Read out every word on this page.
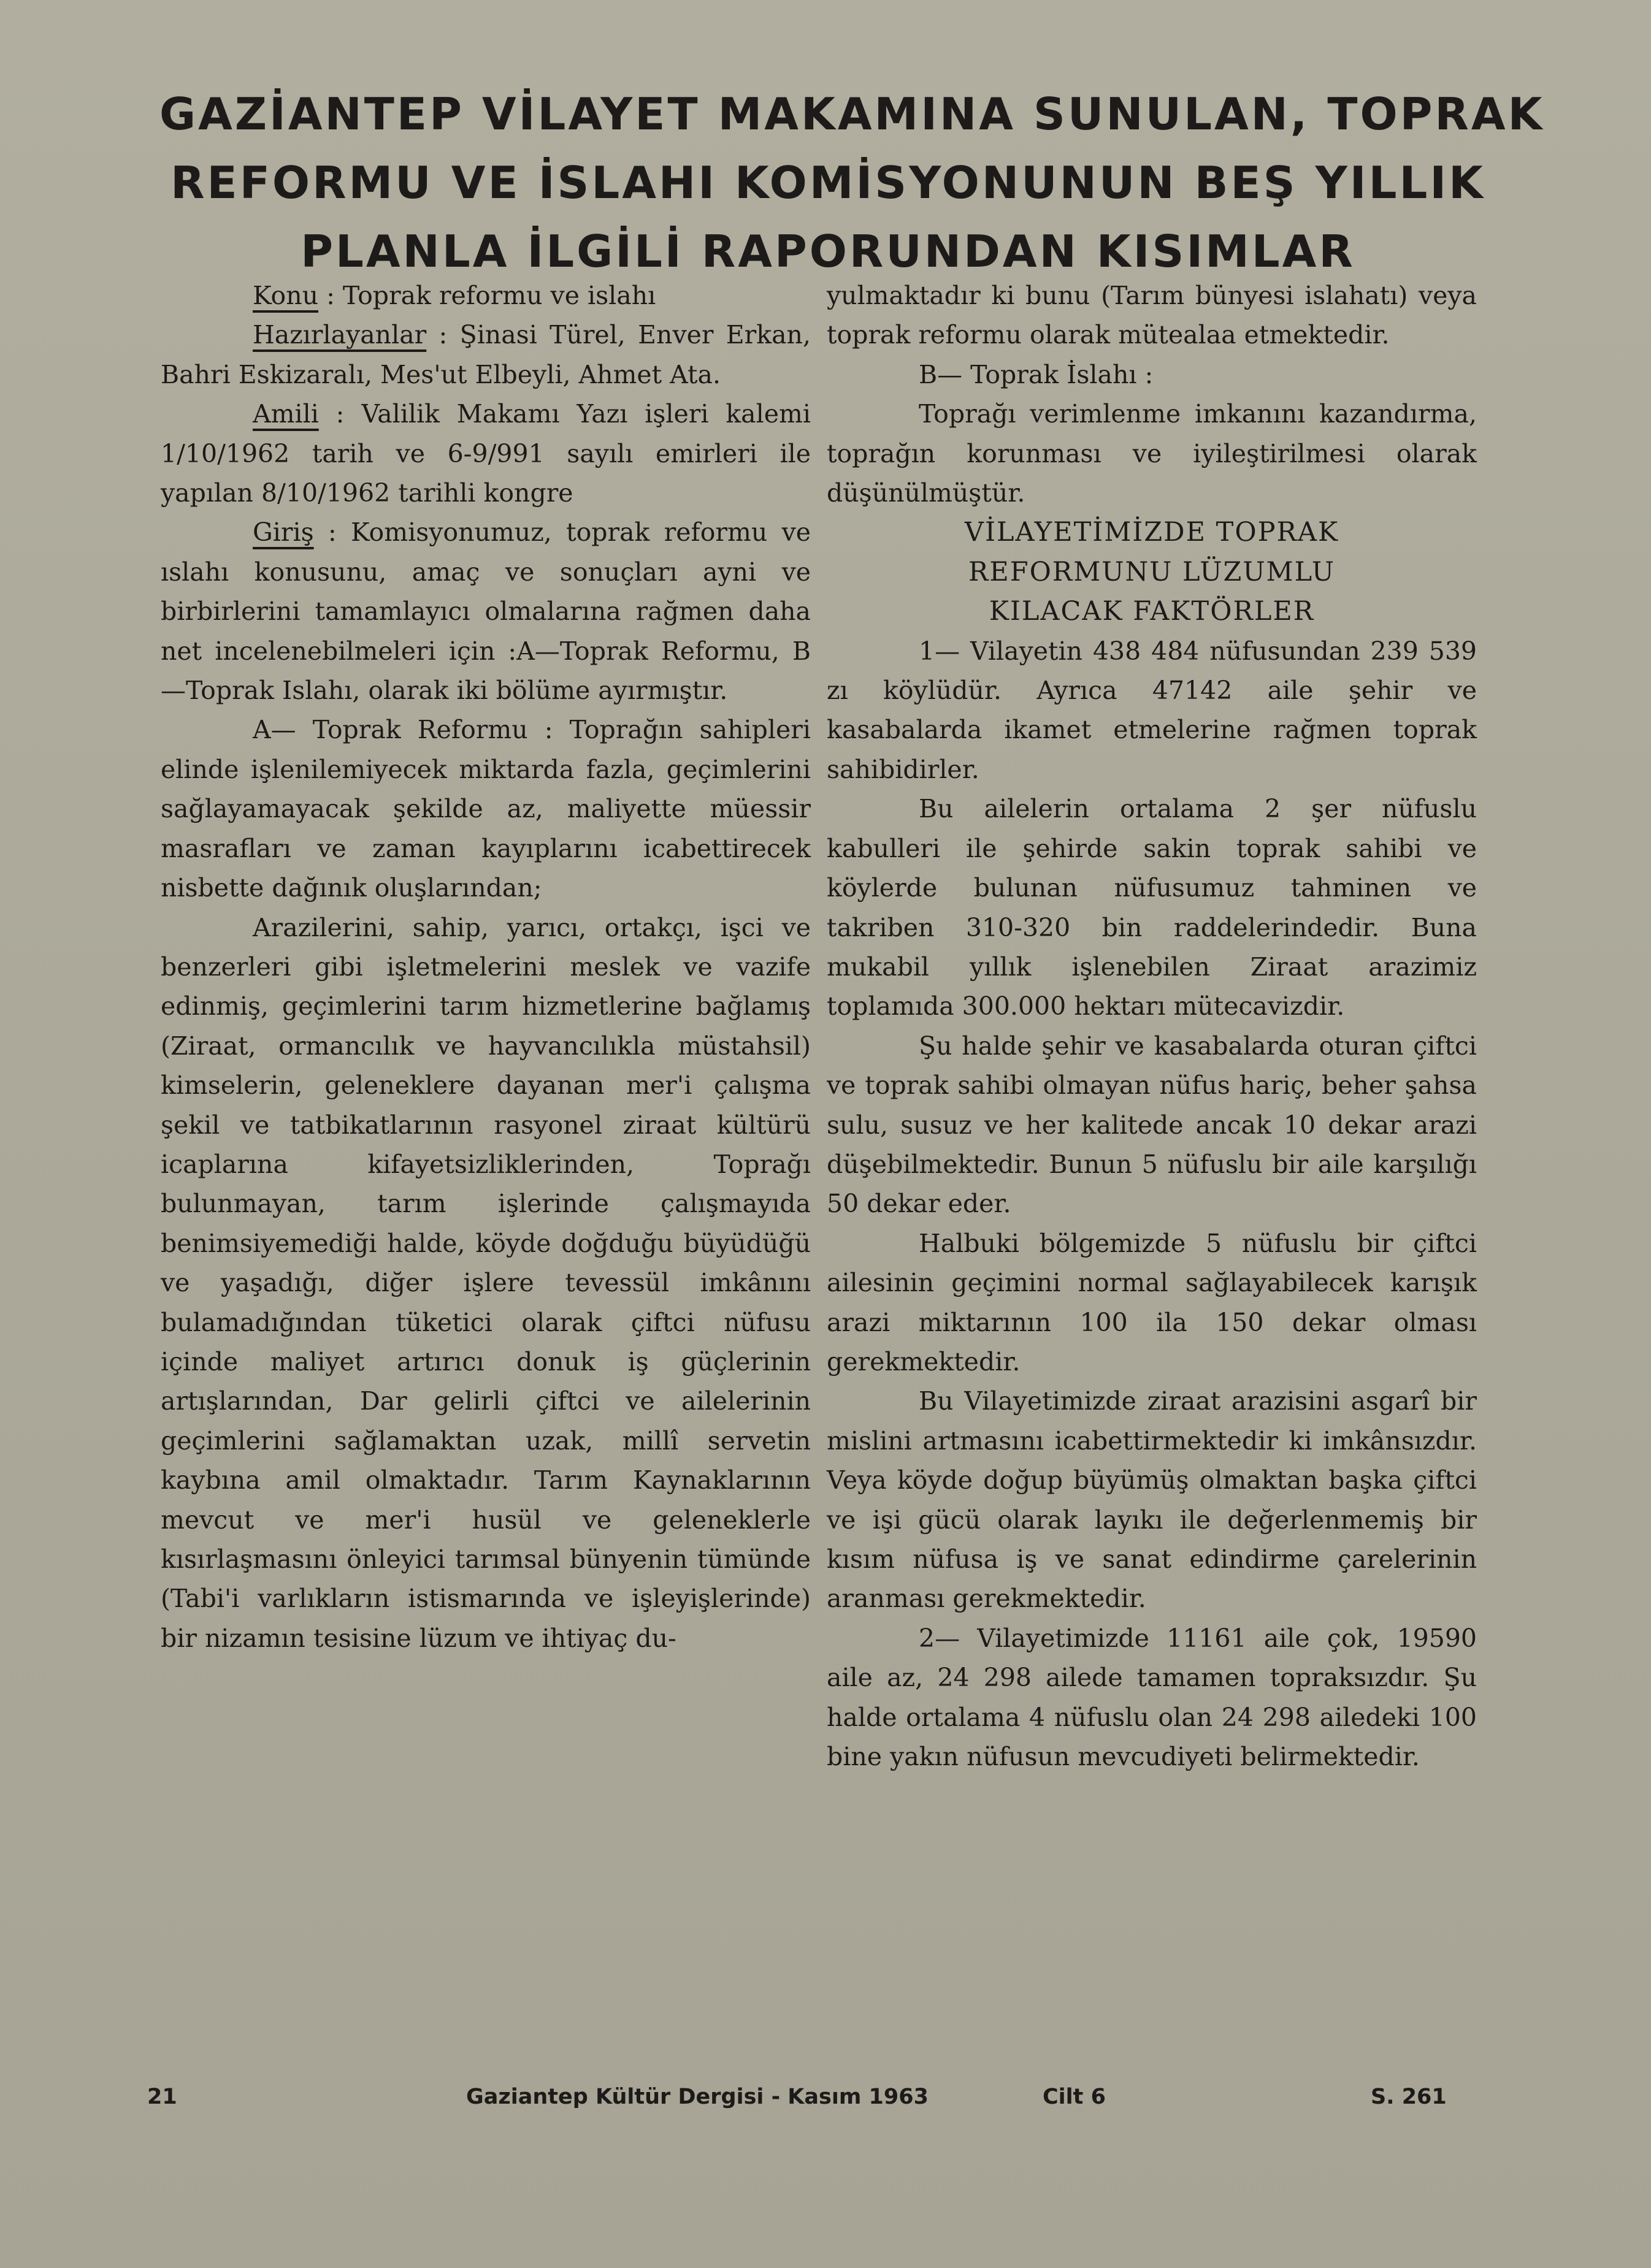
GAZİANTEP VİLAYET MAKAMINA SUNULAN, TOPRAK
REFORMU VE İSLAHI KOMİSYONUNUN BEŞ YILLIK
PLANLA İLGİLİ RAPORUNDAN KISIMLAR

Konu : Toprak reformu ve islahı

Hazırlayanlar : Şinasi Türel, Enver Erkan, Bahri Eskizaralı, Mes'ut Elbeyli, Ahmet Ata.

Amili : Valilik Makamı Yazı işleri kalemi 1/10/1962 tarih ve 6-9/991 sayılı emirleri ile yapılan 8/10/1962 tarihli kongre

Giriş : Komisyonumuz, toprak reformu ve ıslahı konusunu, amaç ve sonuçları ayni ve birbirlerini tamamlayıcı olmalarına rağmen daha net incelenebilmeleri için :A—Toprak Reformu, B—Toprak Islahı, olarak iki bölüme ayırmıştır.

A— Toprak Reformu : Toprağın sahipleri elinde işlenilemiyecek miktarda fazla, geçimlerini sağlayamayacak şekilde az, maliyette müessir masrafları ve zaman kayıplarını icabettirecek nisbette dağınık oluşlarından;

Arazilerini, sahip, yarıcı, ortakçı, işci ve benzerleri gibi işletmelerini meslek ve vazife edinmiş, geçimlerini tarım hizmetlerine bağlamış (Ziraat, ormancılık ve hayvancılıkla müstahsil) kimselerin, geleneklere dayanan mer'i çalışma şekil ve tatbikatlarının rasyonel ziraat kültürü icaplarına kifayetsizliklerinden, Toprağı bulunmayan, tarım işlerinde çalışmayıda benimsiyemediği halde, köyde doğduğu büyüdüğü ve yaşadığı, diğer işlere tevessül imkânını bulamadığından tüketici olarak çiftci nüfusu içinde maliyet artırıcı donuk iş güçlerinin artışlarından, Dar gelirli çiftci ve ailelerinin geçimlerini sağlamaktan uzak, millî servetin kaybına amil olmaktadır. Tarım Kaynaklarının mevcut ve mer'i husül ve geleneklerle kısırlaşmasını önleyici tarımsal bünyenin tümünde (Tabi'i varlıkların istismarında ve işleyişlerinde) bir nizamın tesisine lüzum ve ihtiyaç du-

yulmaktadır ki bunu (Tarım bünyesi islahatı) veya toprak reformu olarak mütealaa etmektedir.

B— Toprak İslahı :

Toprağı verimlenme imkanını kazandırma, toprağın korunması ve iyileştirilmesi olarak düşünülmüştür.

VİLAYETİMİZDE TOPRAK

REFORMUNU LÜZUMLU

KILACAK FAKTÖRLER

1— Vilayetin 438 484 nüfusundan 239 539 zı köylüdür. Ayrıca 47142 aile şehir ve kasabalarda ikamet etmelerine rağmen toprak sahibidirler.

Bu ailelerin ortalama 2 şer nüfuslu kabulleri ile şehirde sakin toprak sahibi ve köylerde bulunan nüfusumuz tahminen ve takriben 310-320 bin raddelerindedir. Buna mukabil yıllık işlenebilen Ziraat arazimiz toplamıda 300.000 hektarı mütecavizdir.

Şu halde şehir ve kasabalarda oturan çiftci ve toprak sahibi olmayan nüfus hariç, beher şahsa sulu, susuz ve her kalitede ancak 10 dekar arazi düşebilmektedir. Bunun 5 nüfuslu bir aile karşılığı 50 dekar eder.

Halbuki bölgemizde 5 nüfuslu bir çiftci ailesinin geçimini normal sağlayabilecek karışık arazi miktarının 100 ila 150 dekar olması gerekmektedir.

Bu Vilayetimizde ziraat arazisini asgarî bir mislini artmasını icabettirmektedir ki imkânsızdır. Veya köyde doğup büyümüş olmaktan başka çiftci ve işi gücü olarak layıkı ile değerlenmemiş bir kısım nüfusa iş ve sanat edindirme çarelerinin aranması gerekmektedir.

2— Vilayetimizde 11161 aile çok, 19590 aile az, 24 298 ailede tamamen topraksızdır. Şu halde ortalama 4 nüfuslu olan 24 298 ailedeki 100 bine yakın nüfusun mevcudiyeti belirmektedir.

21	Gaziantep Kültür Dergisi - Kasım 1963	Cilt 6	S. 261
